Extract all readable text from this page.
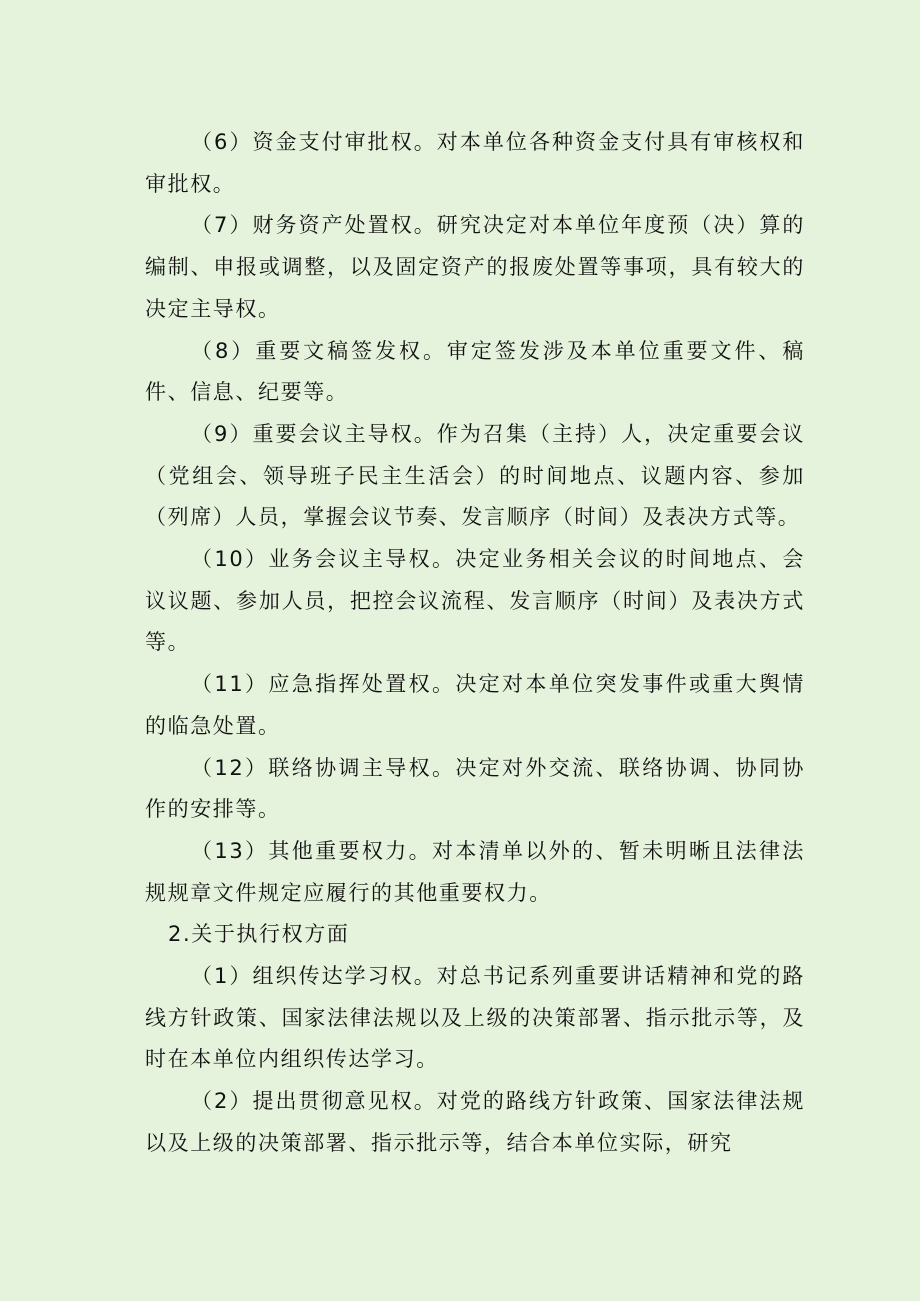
（6）资金支付审批权。对本单位各种资金支付具有审核权和审批权。

（7）财务资产处置权。研究决定对本单位年度预（决）算的编制、申报或调整，以及固定资产的报废处置等事项，具有较大的决定主导权。

（8）重要文稿签发权。审定签发涉及本单位重要文件、稿件、信息、纪要等。

（9）重要会议主导权。作为召集（主持）人，决定重要会议（党组会、领导班子民主生活会）的时间地点、议题内容、参加（列席）人员，掌握会议节奏、发言顺序（时间）及表决方式等。

（10）业务会议主导权。决定业务相关会议的时间地点、会议议题、参加人员，把控会议流程、发言顺序（时间）及表决方式等。

（11）应急指挥处置权。决定对本单位突发事件或重大舆情的临急处置。

（12）联络协调主导权。决定对外交流、联络协调、协同协作的安排等。

（13）其他重要权力。对本清单以外的、暂未明晰且法律法规规章文件规定应履行的其他重要权力。

2.关于执行权方面

（1）组织传达学习权。对总书记系列重要讲话精神和党的路线方针政策、国家法律法规以及上级的决策部署、指示批示等，及时在本单位内组织传达学习。

（2）提出贯彻意见权。对党的路线方针政策、国家法律法规以及上级的决策部署、指示批示等，结合本单位实际，研究
